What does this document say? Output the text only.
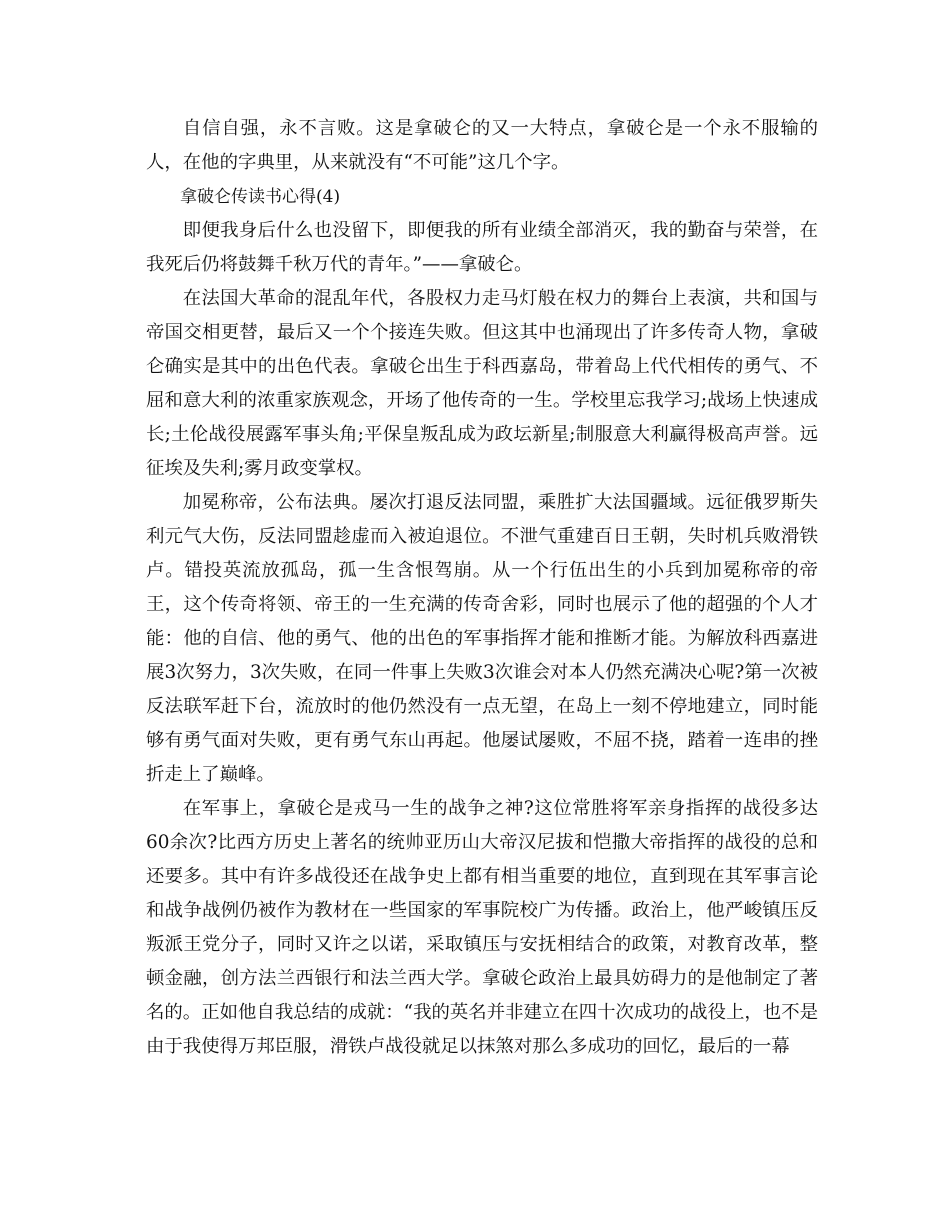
自信自强，永不言败。这是拿破仑的又一大特点，拿破仑是一个永不服输的人，在他的字典里，从来就没有“不可能”这几个字。

拿破仑传读书心得(4)

即便我身后什么也没留下，即便我的所有业绩全部消灭，我的勤奋与荣誉，在我死后仍将鼓舞千秋万代的青年。”——拿破仑。

在法国大革命的混乱年代，各股权力走马灯般在权力的舞台上表演，共和国与帝国交相更替，最后又一个个接连失败。但这其中也涌现出了许多传奇人物，拿破仑确实是其中的出色代表。拿破仑出生于科西嘉岛，带着岛上代代相传的勇气、不屈和意大利的浓重家族观念，开场了他传奇的一生。学校里忘我学习;战场上快速成长;土伦战役展露军事头角;平保皇叛乱成为政坛新星;制服意大利赢得极高声誉。远征埃及失利;雾月政变掌权。

加冕称帝，公布法典。屡次打退反法同盟，乘胜扩大法国疆域。远征俄罗斯失利元气大伤，反法同盟趁虚而入被迫退位。不泄气重建百日王朝，失时机兵败滑铁卢。错投英流放孤岛，孤一生含恨驾崩。从一个行伍出生的小兵到加冕称帝的帝王，这个传奇将领、帝王的一生充满的传奇舍彩，同时也展示了他的超强的个人才能：他的自信、他的勇气、他的出色的军事指挥才能和推断才能。为解放科西嘉进展3次努力，3次失败，在同一件事上失败3次谁会对本人仍然充满决心呢?第一次被反法联军赶下台，流放时的他仍然没有一点无望，在岛上一刻不停地建立，同时能够有勇气面对失败，更有勇气东山再起。他屡试屡败，不屈不挠，踏着一连串的挫折走上了巅峰。

在军事上，拿破仑是戎马一生的战争之神?这位常胜将军亲身指挥的战役多达60余次?比西方历史上著名的统帅亚历山大帝汉尼拔和恺撒大帝指挥的战役的总和还要多。其中有许多战役还在战争史上都有相当重要的地位，直到现在其军事言论和战争战例仍被作为教材在一些国家的军事院校广为传播。政治上，他严峻镇压反叛派王党分子，同时又许之以诺，采取镇压与安抚相结合的政策，对教育改革，整顿金融，创方法兰西银行和法兰西大学。拿破仑政治上最具妨碍力的是他制定了著名的。正如他自我总结的成就：“我的英名并非建立在四十次成功的战役上，也不是由于我使得万邦臣服，滑铁卢战役就足以抹煞对那么多成功的回忆，最后的一幕
